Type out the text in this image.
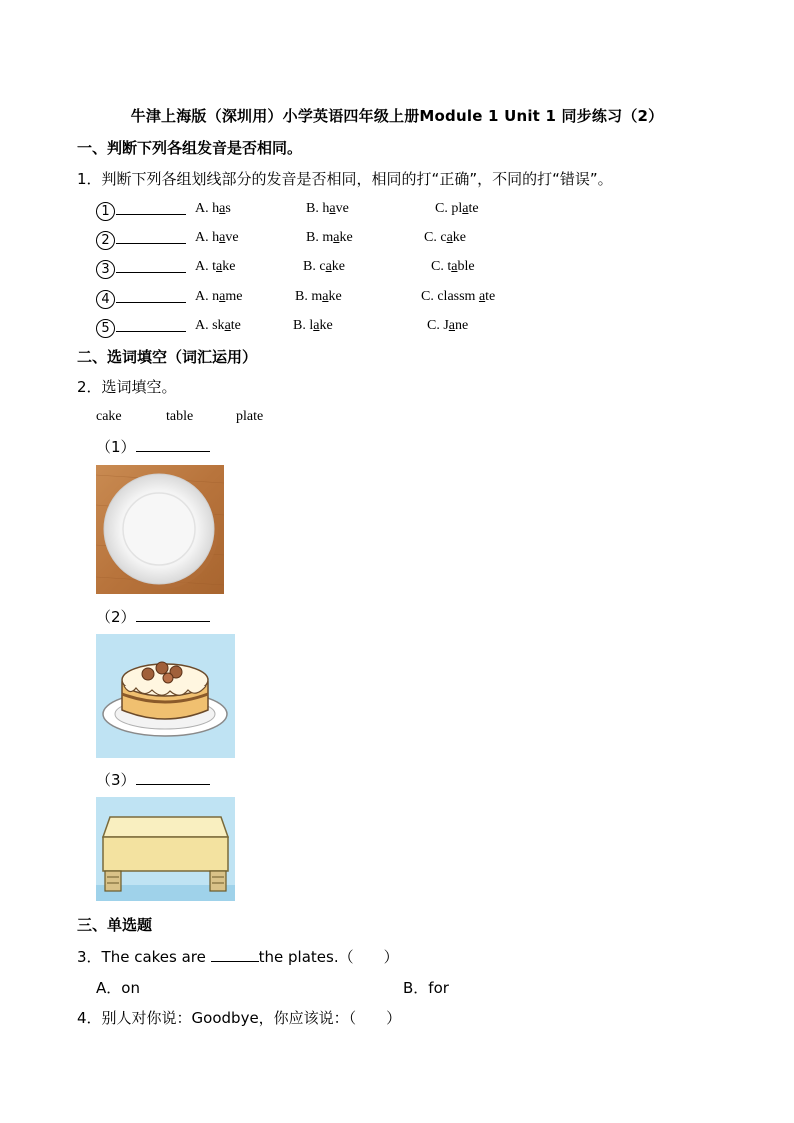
牛津上海版（深圳用）小学英语四年级上册Module 1 Unit 1 同步练习（2）
一、判断下列各组发音是否相同。
1．判断下列各组划线部分的发音是否相同，相同的打“正确”，不同的打“错误”。
1	A. has	B. have	C. plate
2	A. have	B. make	C. cake
3	A. take	B. cake	C. table
4	A. name	B. make	C. classm ate
5	A. skate	B. lake	C. Jane
二、选词填空（词汇运用）
2．选词填空。
cake	table	plate
（1）
（2）
（3）
三、单选题
3．The cakes are	the plates.（　　）
A．on	B．for
4．别人对你说：Goodbye，你应该说：（　　）
